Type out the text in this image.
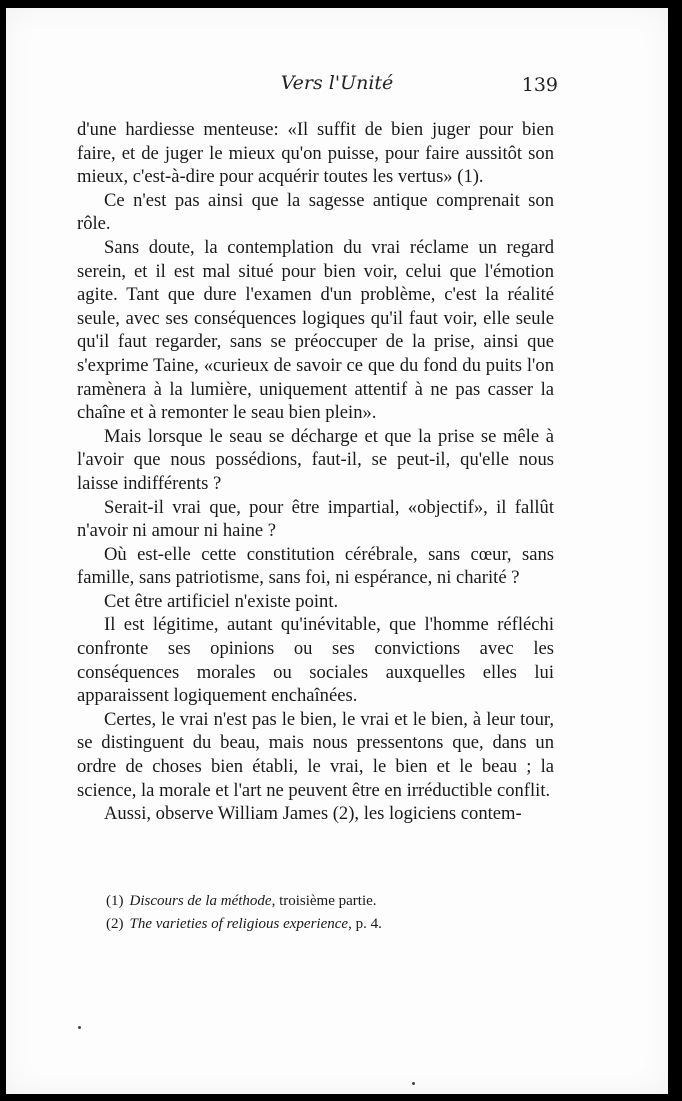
Vers l'Unité	139

d'une hardiesse menteuse: «Il suffit de bien juger pour bien faire, et de juger le mieux qu'on puisse, pour faire aussitôt son mieux, c'est-à-dire pour acquérir toutes les vertus» (1).

Ce n'est pas ainsi que la sagesse antique comprenait son rôle.

Sans doute, la contemplation du vrai réclame un regard serein, et il est mal situé pour bien voir, celui que l'émotion agite. Tant que dure l'examen d'un problème, c'est la réalité seule, avec ses conséquences logiques qu'il faut voir, elle seule qu'il faut regarder, sans se préoccuper de la prise, ainsi que s'exprime Taine, «curieux de savoir ce que du fond du puits l'on ramènera à la lumière, uniquement attentif à ne pas casser la chaîne et à remonter le seau bien plein».

Mais lorsque le seau se décharge et que la prise se mêle à l'avoir que nous possédions, faut-il, se peut-il, qu'elle nous laisse indifférents ?

Serait-il vrai que, pour être impartial, «objectif», il fallût n'avoir ni amour ni haine ?

Où est-elle cette constitution cérébrale, sans cœur, sans famille, sans patriotisme, sans foi, ni espérance, ni charité ?

Cet être artificiel n'existe point.

Il est légitime, autant qu'inévitable, que l'homme réfléchi confronte ses opinions ou ses convictions avec les conséquences morales ou sociales auxquelles elles lui apparaissent logiquement enchaînées.

Certes, le vrai n'est pas le bien, le vrai et le bien, à leur tour, se distinguent du beau, mais nous pressentons que, dans un ordre de choses bien établi, le vrai, le bien et le beau ; la science, la morale et l'art ne peuvent être en irréductible conflit.

Aussi, observe William James (2), les logiciens contem-

(1) Discours de la méthode, troisième partie.

(2) The varieties of religious experience, p. 4.
